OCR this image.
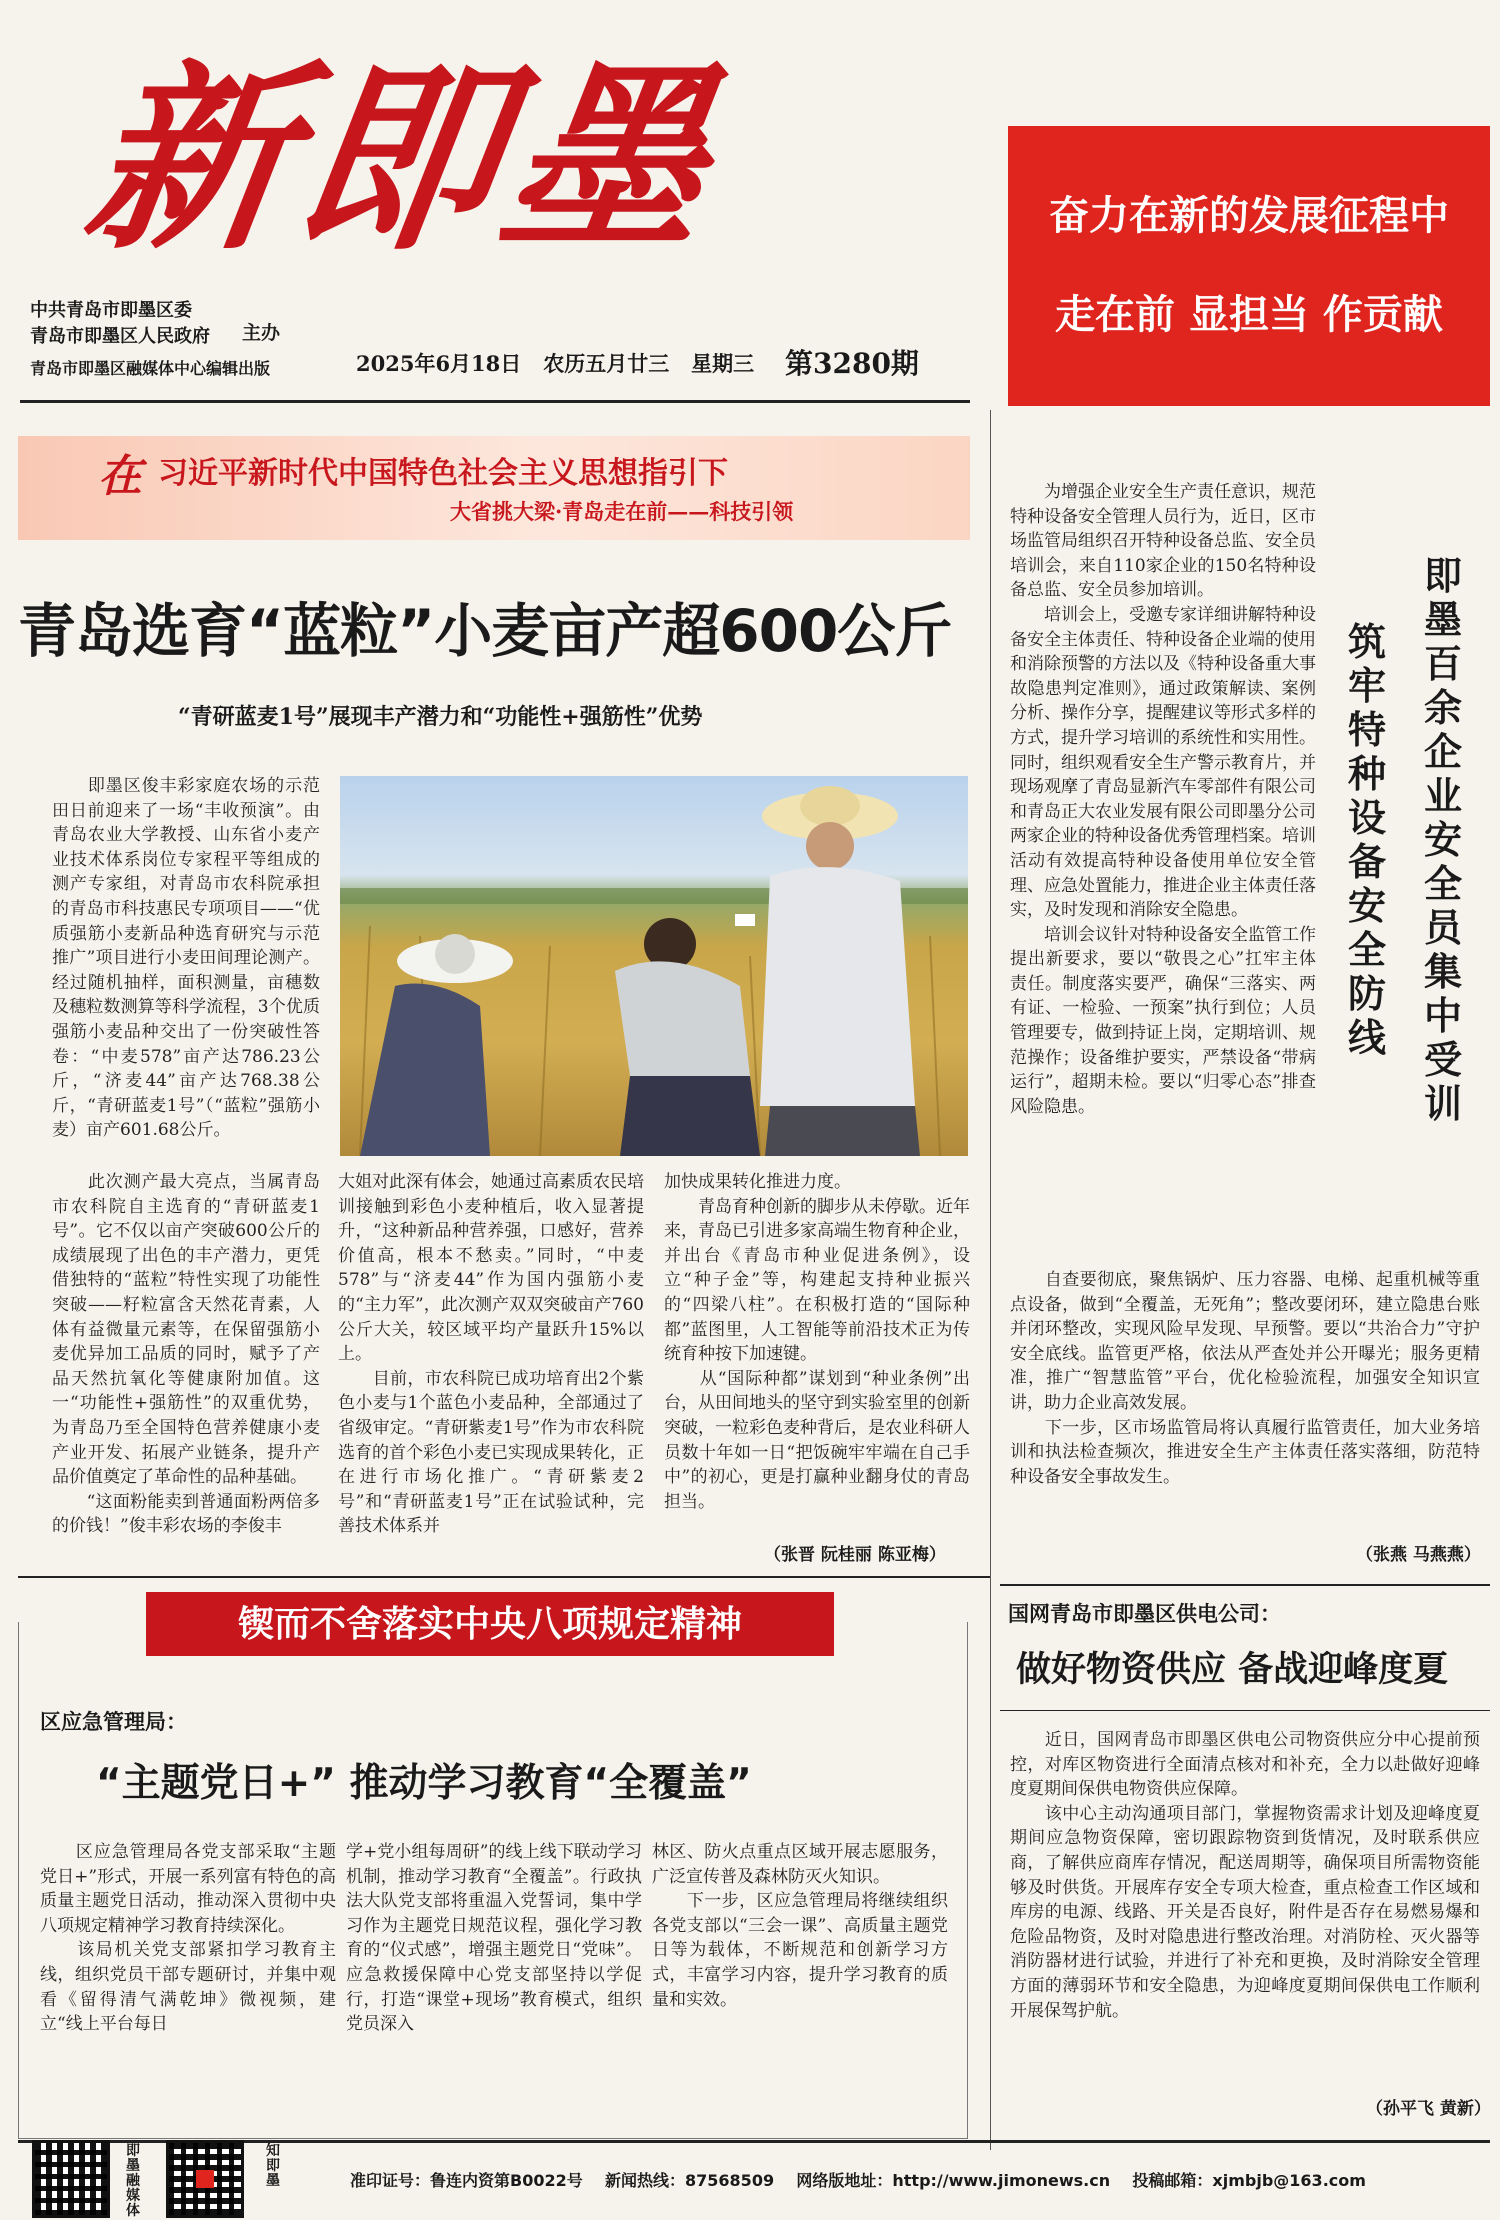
新即墨
中共青岛市即墨区委
青岛市即墨区人民政府	主办
青岛市即墨区融媒体中心编辑出版	2025年6月18日 农历五月廿三 星期三 第3280期
奋力在新的发展征程中
走在前 显担当 作贡献
在 习近平新时代中国特色社会主义思想指引下
大省挑大梁·青岛走在前——科技引领
青岛选育“蓝粒”小麦亩产超600公斤
“青研蓝麦1号”展现丰产潜力和“功能性+强筋性”优势
　　即墨区俊丰彩家庭农场的示范田日前迎来了一场“丰收预演”。由青岛农业大学教授、山东省小麦产业技术体系岗位专家程平等组成的测产专家组，对青岛市农科院承担的青岛市科技惠民专项项目——“优质强筋小麦新品种选育研究与示范推广”项目进行小麦田间理论测产。经过随机抽样，面积测量，亩穗数及穗粒数测算等科学流程，3个优质强筋小麦品种交出了一份突破性答卷：“中麦578”亩产达786.23公斤，“济麦44”亩产达768.38公斤，“青研蓝麦1号”（“蓝粒”强筋小麦）亩产601.68公斤。
　　此次测产最大亮点，当属青岛市农科院自主选育的“青研蓝麦1号”。它不仅以亩产突破600公斤的成绩展现了出色的丰产潜力，更凭借独特的“蓝粒”特性实现了功能性突破——籽粒富含天然花青素，人体有益微量元素等，在保留强筋小麦优异加工品质的同时，赋予了产品天然抗氧化等健康附加值。这一“功能性+强筋性”的双重优势，为青岛乃至全国特色营养健康小麦产业开发、拓展产业链条，提升产品价值奠定了革命性的品种基础。
　　“这面粉能卖到普通面粉两倍多的价钱！”俊丰彩农场的李俊丰
大姐对此深有体会，她通过高素质农民培训接触到彩色小麦种植后，收入显著提升，“这种新品种营养强，口感好，营养价值高，根本不愁卖。”同时，“中麦578”与“济麦44”作为国内强筋小麦的“主力军”，此次测产双双突破亩产760公斤大关，较区域平均产量跃升15%以上。
　　目前，市农科院已成功培育出2个紫色小麦与1个蓝色小麦品种，全部通过了省级审定。“青研紫麦1号”作为市农科院选育的首个彩色小麦已实现成果转化，正在进行市场化推广。“青研紫麦2号”和“青研蓝麦1号”正在试验试种，完善技术体系并
加快成果转化推进力度。
　　青岛育种创新的脚步从未停歇。近年来，青岛已引进多家高端生物育种企业，并出台《青岛市种业促进条例》，设立“种子金”等，构建起支持种业振兴的“四梁八柱”。在积极打造的“国际种都”蓝图里，人工智能等前沿技术正为传统育种按下加速键。
　　从“国际种都”谋划到“种业条例”出台，从田间地头的坚守到实验室里的创新突破，一粒彩色麦种背后，是农业科研人员数十年如一日“把饭碗牢牢端在自己手中”的初心，更是打赢种业翻身仗的青岛担当。
（张晋 阮桂丽 陈亚梅）
　　为增强企业安全生产责任意识，规范特种设备安全管理人员行为，近日，区市场监管局组织召开特种设备总监、安全员培训会，来自110家企业的150名特种设备总监、安全员参加培训。
　　培训会上，受邀专家详细讲解特种设备安全主体责任、特种设备企业端的使用和消除预警的方法以及《特种设备重大事故隐患判定准则》，通过政策解读、案例分析、操作分享，提醒建议等形式多样的方式，提升学习培训的系统性和实用性。同时，组织观看安全生产警示教育片，并现场观摩了青岛显新汽车零部件有限公司和青岛正大农业发展有限公司即墨分公司两家企业的特种设备优秀管理档案。培训活动有效提高特种设备使用单位安全管理、应急处置能力，推进企业主体责任落实，及时发现和消除安全隐患。
　　培训会议针对特种设备安全监管工作提出新要求，要以“敬畏之心”扛牢主体责任。制度落实要严，确保“三落实、两有证、一检验、一预案”执行到位；人员管理要专，做到持证上岗，定期培训、规范操作；设备维护要实，严禁设备“带病运行”，超期未检。要以“归零心态”排查风险隐患。
即墨百余企业安全员集中受训
筑牢特种设备安全防线
　　自查要彻底，聚焦锅炉、压力容器、电梯、起重机械等重点设备，做到“全覆盖，无死角”；整改要闭环，建立隐患台账并闭环整改，实现风险早发现、早预警。要以“共治合力”守护安全底线。监管更严格，依法从严查处并公开曝光；服务更精准，推广“智慧监管”平台，优化检验流程，加强安全知识宣讲，助力企业高效发展。
　　下一步，区市场监管局将认真履行监管责任，加大业务培训和执法检查频次，推进安全生产主体责任落实落细，防范特种设备安全事故发生。
（张燕 马燕燕）
国网青岛市即墨区供电公司：
做好物资供应 备战迎峰度夏
　　近日，国网青岛市即墨区供电公司物资供应分中心提前预控，对库区物资进行全面清点核对和补充，全力以赴做好迎峰度夏期间保供电物资供应保障。
　　该中心主动沟通项目部门，掌握物资需求计划及迎峰度夏期间应急物资保障，密切跟踪物资到货情况，及时联系供应商，了解供应商库存情况，配送周期等，确保项目所需物资能够及时供货。开展库存安全专项大检查，重点检查工作区域和库房的电源、线路、开关是否良好，附件是否存在易燃易爆和危险品物资，及时对隐患进行整改治理。对消防栓、灭火器等消防器材进行试验，并进行了补充和更换，及时消除安全管理方面的薄弱环节和安全隐患，为迎峰度夏期间保供电工作顺利开展保驾护航。
（孙平飞 黄新）
锲而不舍落实中央八项规定精神
区应急管理局：
“主题党日+” 推动学习教育“全覆盖”
　　区应急管理局各党支部采取“主题党日+”形式，开展一系列富有特色的高质量主题党日活动，推动深入贯彻中央八项规定精神学习教育持续深化。
　　该局机关党支部紧扣学习教育主线，组织党员干部专题研讨，并集中观看《留得清气满乾坤》微视频，建立“线上平台每日
学+党小组每周研”的线上线下联动学习机制，推动学习教育“全覆盖”。行政执法大队党支部将重温入党誓词，集中学习作为主题党日规范议程，强化学习教育的“仪式感”，增强主题党日“党味”。应急救援保障中心党支部坚持以学促行，打造“课堂+现场”教育模式，组织党员深入
林区、防火点重点区域开展志愿服务，广泛宣传普及森林防灭火知识。
　　下一步，区应急管理局将继续组织各党支部以“三会一课”、高质量主题党日等为载体，不断规范和创新学习方式，丰富学习内容，提升学习教育的质量和实效。
即墨融媒体
知即墨	准印证号：鲁连内资第B0022号 新闻热线：87568509 网络版地址：http://www.jimonews.cn 投稿邮箱：xjmbjb@163.com
